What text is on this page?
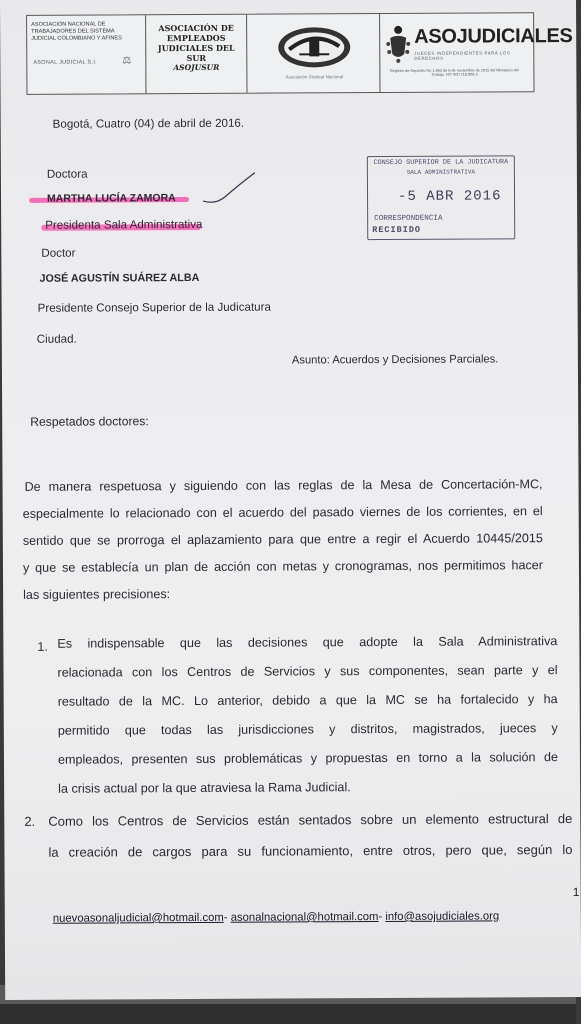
ASOCIACIÓN NACIONAL DE TRABAJADORES DEL SISTEMA JUDICIAL COLOMBIANO Y AFINES
ASONAL JUDICIAL S.I.	⚖
ASOCIACIÓN DE EMPLEADOS JUDICIALES DEL SUR
ASOJUSUR
Asociación Sindical Nacional
ASOJUDICIALES
JUECES INDEPENDIENTES PARA LOS DERECHOS
Registro de Depósito No 1.863 de 6 de noviembre de 2015 del Ministerio del Trabajo. NIT 900.718.809-3
Bogotá, Cuatro (04) de abril de 2016.
Doctora
MARTHA LUCÍA ZAMORA
Presidenta Sala Administrativa
Doctor
JOSÉ AGUSTÍN SUÁREZ ALBA
Presidente Consejo Superior de la Judicatura
Ciudad.
Asunto: Acuerdos y Decisiones Parciales.
Respetados doctores:
De manera respetuosa y siguiendo con las reglas de la Mesa de Concertación-MC,
especialmente lo relacionado con el acuerdo del pasado viernes de los corrientes, en el
sentido que se prorroga el aplazamiento para que entre a regir el Acuerdo 10445/2015
y que se establecía un plan de acción con metas y cronogramas, nos permitimos hacer
las siguientes precisiones:
1. Es indispensable que las decisiones que adopte la Sala Administrativa
relacionada con los Centros de Servicios y sus componentes, sean parte y el
resultado de la MC. Lo anterior, debido a que la MC se ha fortalecido y ha
permitido que todas las jurisdicciones y distritos, magistrados, jueces y
empleados, presenten sus problemáticas y propuestas en torno a la solución de
la crisis actual por la que atraviesa la Rama Judicial.
2. Como los Centros de Servicios están sentados sobre un elemento estructural de
la creación de cargos para su funcionamiento, entre otros, pero que, según lo
CONSEJO SUPERIOR DE LA JUDICATURA
SALA ADMINISTRATIVA
-5 ABR 2016
CORRESPONDENCIA
RECIBIDO
1
nuevoasonaljudicial@hotmail.com- asonalnacional@hotmail.com- info@asojudiciales.org
